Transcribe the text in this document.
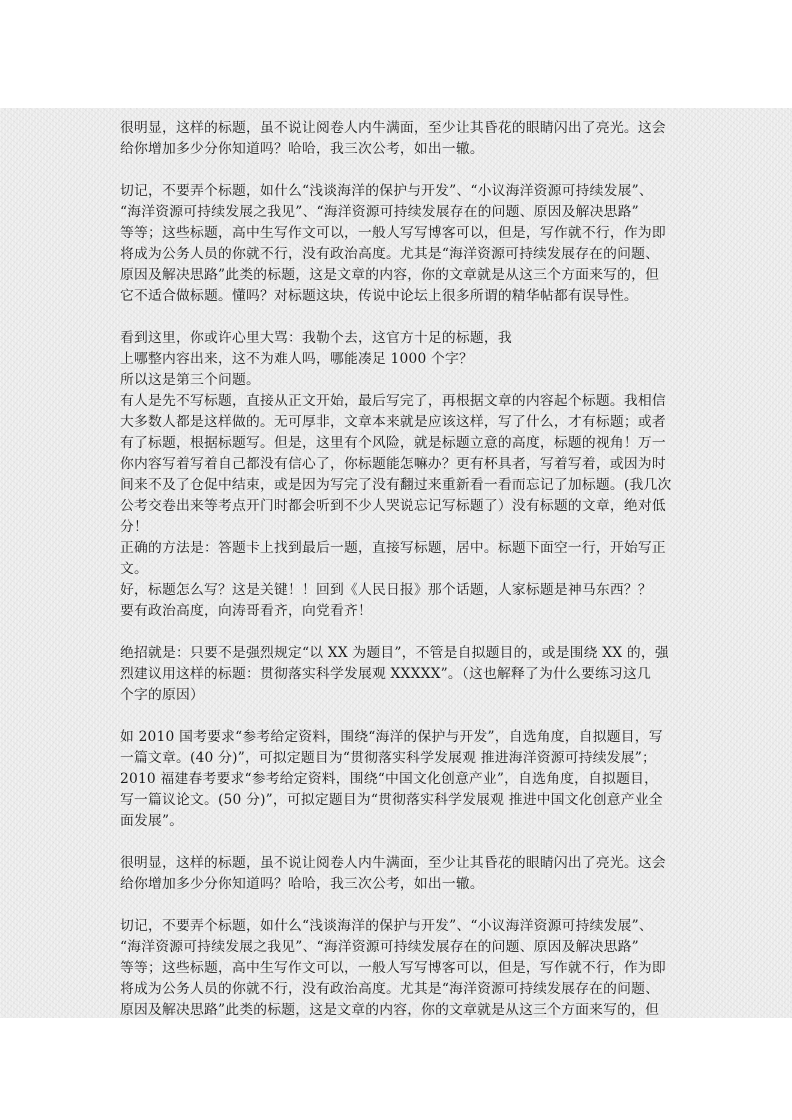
很明显，这样的标题，虽不说让阅卷人内牛满面，至少让其昏花的眼睛闪出了亮光。这会
给你增加多少分你知道吗？哈哈，我三次公考，如出一辙。
切记，不要弄个标题，如什么“浅谈海洋的保护与开发”、“小议海洋资源可持续发展”、
“海洋资源可持续发展之我见”、“海洋资源可持续发展存在的问题、原因及解决思路”
等等；这些标题，高中生写作文可以，一般人写写博客可以，但是，写作就不行，作为即
将成为公务人员的你就不行，没有政治高度。尤其是“海洋资源可持续发展存在的问题、
原因及解决思路”此类的标题，这是文章的内容，你的文章就是从这三个方面来写的，但
它不适合做标题。懂吗？对标题这块，传说中论坛上很多所谓的精华帖都有误导性。
看到这里，你或许心里大骂：我勒个去，这官方十足的标题，我
上哪整内容出来，这不为难人吗，哪能凑足 1000 个字？
所以这是第三个问题。
有人是先不写标题，直接从正文开始，最后写完了，再根据文章的内容起个标题。我相信
大多数人都是这样做的。无可厚非，文章本来就是应该这样，写了什么，才有标题；或者
有了标题，根据标题写。但是，这里有个风险，就是标题立意的高度，标题的视角！万一
你内容写着写着自己都没有信心了，你标题能怎嘛办？更有杯具者，写着写着，或因为时
间来不及了仓促中结束，或是因为写完了没有翻过来重新看一看而忘记了加标题。(我几次
公考交卷出来等考点开门时都会听到不少人哭说忘记写标题了）没有标题的文章，绝对低
分！
正确的方法是：答题卡上找到最后一题，直接写标题，居中。标题下面空一行，开始写正
文。
好，标题怎么写？这是关键！！回到《人民日报》那个话题，人家标题是神马东西？？
要有政治高度，向涛哥看齐，向党看齐！
绝招就是：只要不是强烈规定“以 XX 为题目”，不管是自拟题目的，或是围绕 XX 的，强
烈建议用这样的标题：贯彻落实科学发展观 XXXXX”。（这也解释了为什么要练习这几
个字的原因）
如 2010 国考要求“参考给定资料，围绕“海洋的保护与开发”，自选角度，自拟题目，写
一篇文章。(40 分)”，可拟定题目为“贯彻落实科学发展观 推进海洋资源可持续发展”；
2010 福建春考要求“参考给定资料，围绕“中国文化创意产业”，自选角度，自拟题目，
写一篇议论文。(50 分)”，可拟定题目为“贯彻落实科学发展观 推进中国文化创意产业全
面发展”。
很明显，这样的标题，虽不说让阅卷人内牛满面，至少让其昏花的眼睛闪出了亮光。这会
给你增加多少分你知道吗？哈哈，我三次公考，如出一辙。
切记，不要弄个标题，如什么“浅谈海洋的保护与开发”、“小议海洋资源可持续发展”、
“海洋资源可持续发展之我见”、“海洋资源可持续发展存在的问题、原因及解决思路”
等等；这些标题，高中生写作文可以，一般人写写博客可以，但是，写作就不行，作为即
将成为公务人员的你就不行，没有政治高度。尤其是“海洋资源可持续发展存在的问题、
原因及解决思路”此类的标题，这是文章的内容，你的文章就是从这三个方面来写的，但
